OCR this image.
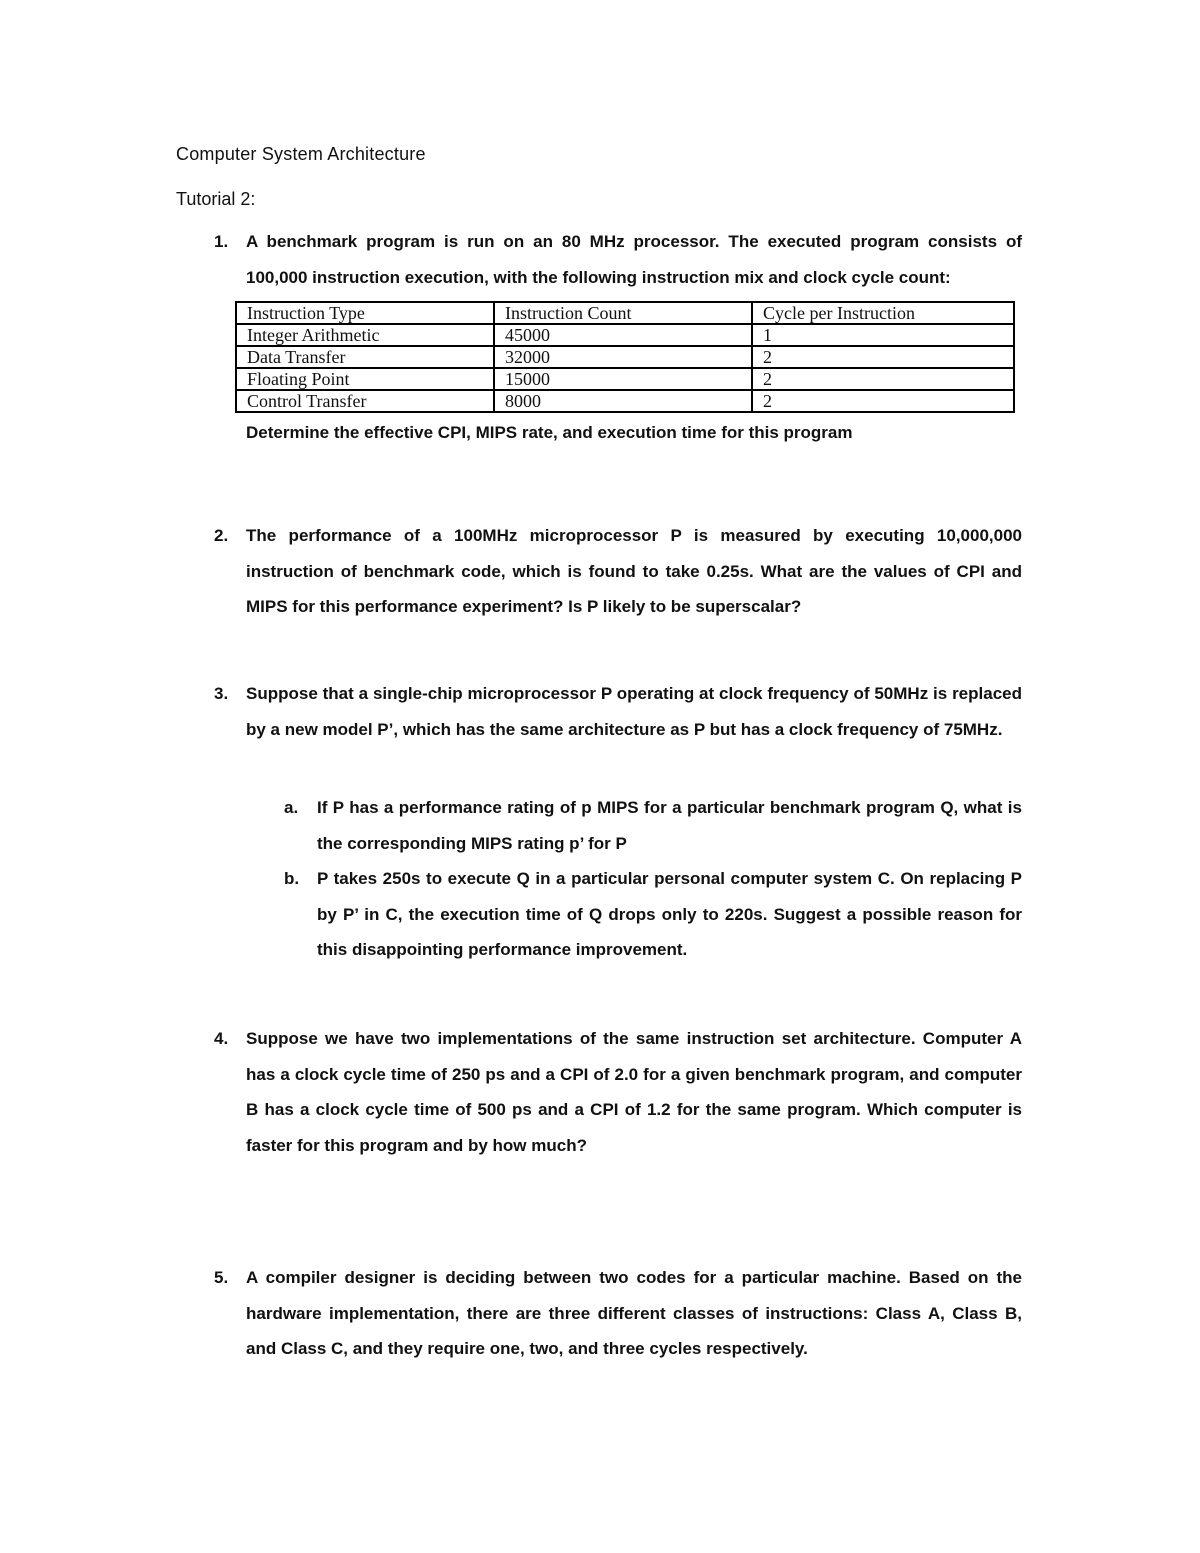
Computer System Architecture
Tutorial 2:
1.	A benchmark program is run on an 80 MHz processor. The executed program consists of 100,000 instruction execution, with the following instruction mix and clock cycle count:
Instruction Type	Instruction Count	Cycle per Instruction
Integer Arithmetic	45000	1
Data Transfer	32000	2
Floating Point	15000	2
Control Transfer	8000	2
Determine the effective CPI, MIPS rate, and execution time for this program
2.	The performance of a 100MHz microprocessor P is measured by executing 10,000,000 instruction of benchmark code, which is found to take 0.25s. What are the values of CPI and MIPS for this performance experiment? Is P likely to be superscalar?
3.	Suppose that a single-chip microprocessor P operating at clock frequency of 50MHz is replaced by a new model P’, which has the same architecture as P but has a clock frequency of 75MHz.
a.	If P has a performance rating of p MIPS for a particular benchmark program Q, what is the corresponding MIPS rating p’ for P
b.	P takes 250s to execute Q in a particular personal computer system C. On replacing P by P’ in C, the execution time of Q drops only to 220s. Suggest a possible reason for this disappointing performance improvement.
4.	Suppose we have two implementations of the same instruction set architecture. Computer A has a clock cycle time of 250 ps and a CPI of 2.0 for a given benchmark program, and computer B has a clock cycle time of 500 ps and a CPI of 1.2 for the same program. Which computer is faster for this program and by how much?
5.	A compiler designer is deciding between two codes for a particular machine. Based on the hardware implementation, there are three different classes of instructions: Class A, Class B, and Class C, and they require one, two, and three cycles respectively.
